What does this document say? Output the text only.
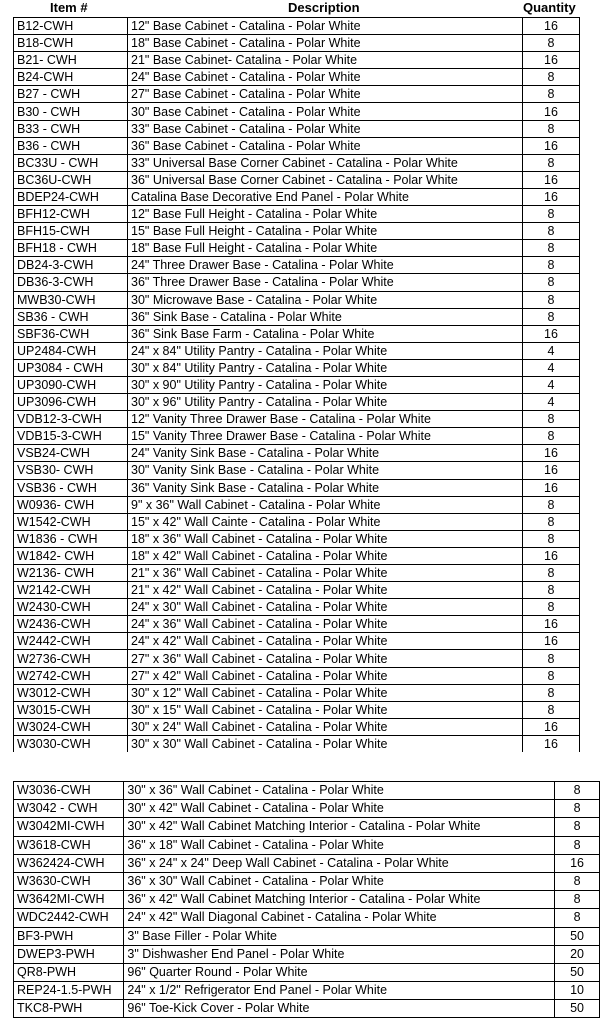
Item #	Description	Quantity
B12-CWH	12" Base Cabinet - Catalina - Polar White	16
B18-CWH	18" Base Cabinet - Catalina - Polar White	8
B21- CWH	21" Base Cabinet- Catalina - Polar White	16
B24-CWH	24" Base Cabinet - Catalina - Polar White	8
B27 - CWH	27" Base Cabinet - Catalina - Polar White	8
B30 - CWH	30" Base Cabinet - Catalina - Polar White	16
B33 - CWH	33" Base Cabinet - Catalina - Polar White	8
B36 - CWH	36" Base Cabinet - Catalina - Polar White	16
BC33U - CWH	33" Universal Base Corner Cabinet - Catalina - Polar White	8
BC36U-CWH	36" Universal Base Corner Cabinet - Catalina - Polar White	16
BDEP24-CWH	Catalina Base Decorative End Panel - Polar White	16
BFH12-CWH	12" Base Full Height - Catalina - Polar White	8
BFH15-CWH	15" Base Full Height - Catalina - Polar White	8
BFH18 - CWH	18" Base Full Height - Catalina - Polar White	8
DB24-3-CWH	24" Three Drawer Base - Catalina - Polar White	8
DB36-3-CWH	36" Three Drawer Base - Catalina - Polar White	8
MWB30-CWH	30" Microwave Base - Catalina - Polar White	8
SB36 - CWH	36" Sink Base - Catalina - Polar White	8
SBF36-CWH	36" Sink Base Farm - Catalina - Polar White	16
UP2484-CWH	24" x 84" Utility Pantry - Catalina - Polar White	4
UP3084 - CWH	30" x 84" Utility Pantry - Catalina - Polar White	4
UP3090-CWH	30" x 90" Utility Pantry - Catalina - Polar White	4
UP3096-CWH	30" x 96" Utility Pantry - Catalina - Polar White	4
VDB12-3-CWH	12" Vanity Three Drawer Base - Catalina - Polar White	8
VDB15-3-CWH	15" Vanity Three Drawer Base - Catalina - Polar White	8
VSB24-CWH	24" Vanity Sink Base - Catalina - Polar White	16
VSB30- CWH	30" Vanity Sink Base - Catalina - Polar White	16
VSB36 - CWH	36" Vanity Sink Base - Catalina - Polar White	16
W0936- CWH	9" x 36" Wall Cabinet - Catalina - Polar White	8
W1542-CWH	15" x 42" Wall Cainte - Catalina - Polar White	8
W1836 - CWH	18" x 36" Wall Cabinet - Catalina - Polar White	8
W1842- CWH	18" x 42" Wall Cabinet - Catalina - Polar White	16
W2136- CWH	21" x 36" Wall Cabinet - Catalina - Polar White	8
W2142-CWH	21" x 42" Wall Cabinet - Catalina - Polar White	8
W2430-CWH	24" x 30" Wall Cabinet - Catalina - Polar White	8
W2436-CWH	24" x 36" Wall Cabinet - Catalina - Polar White	16
W2442-CWH	24" x 42" Wall Cabinet - Catalina - Polar White	16
W2736-CWH	27" x 36" Wall Cabinet - Catalina - Polar White	8
W2742-CWH	27" x 42" Wall Cabinet - Catalina - Polar White	8
W3012-CWH	30" x 12" Wall Cabinet - Catalina - Polar White	8
W3015-CWH	30" x 15" Wall Cabinet - Catalina - Polar White	8
W3024-CWH	30" x 24" Wall Cabinet - Catalina - Polar White	16
W3030-CWH	30" x 30" Wall Cabinet - Catalina - Polar White	16
W3036-CWH	30" x 36" Wall Cabinet - Catalina - Polar White	8
W3042 - CWH	30" x 42" Wall Cabinet - Catalina - Polar White	8
W3042MI-CWH	30" x 42" Wall Cabinet Matching Interior - Catalina - Polar White	8
W3618-CWH	36" x 18" Wall Cabinet - Catalina - Polar White	8
W362424-CWH	36" x 24" x 24" Deep Wall Cabinet - Catalina - Polar White	16
W3630-CWH	36" x 30" Wall Cabinet - Catalina - Polar White	8
W3642MI-CWH	36" x 42" Wall Cabinet Matching Interior - Catalina - Polar White	8
WDC2442-CWH	24" x 42" Wall Diagonal Cabinet - Catalina - Polar White	8
BF3-PWH	3" Base Filler - Polar White	50
DWEP3-PWH	3" Dishwasher End Panel - Polar White	20
QR8-PWH	96" Quarter Round - Polar White	50
REP24-1.5-PWH	24" x 1/2" Refrigerator End Panel - Polar White	10
TKC8-PWH	96" Toe-Kick Cover - Polar White	50
